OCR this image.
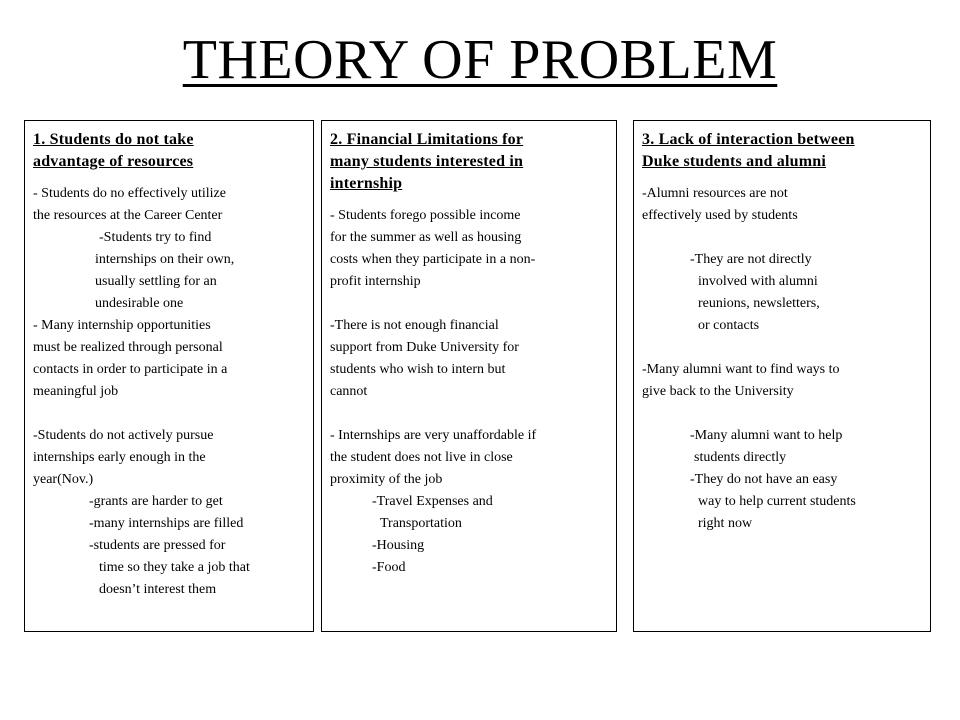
THEORY OF PROBLEM
1. Students do not take
advantage of resources
- Students do no effectively utilize
the resources at the Career Center
-Students try to find
internships on their own,
usually settling for an
undesirable one
- Many internship opportunities
must be realized through personal
contacts in order to participate in a
meaningful job
-Students do not actively pursue
internships early enough in the
year(Nov.)
-grants are harder to get
-many internships are filled
-students are pressed for
time so they take a job that
doesn’t interest them
2. Financial Limitations for
many students interested in
internship
- Students forego possible income
for the summer as well as housing
costs when they participate in a non-
profit internship
-There is not enough financial
support from Duke University for
students who wish to intern but
cannot
- Internships are very unaffordable if
the student does not live in close
proximity of the job
-Travel Expenses and
Transportation
-Housing
-Food
3. Lack of interaction between
Duke students and alumni
-Alumni resources are not
effectively used by students
-They are not directly
involved with alumni
reunions, newsletters,
or contacts
-Many alumni want to find ways to
give back to the University
-Many alumni want to help
students directly
-They do not have an easy
way to help current students
right now
